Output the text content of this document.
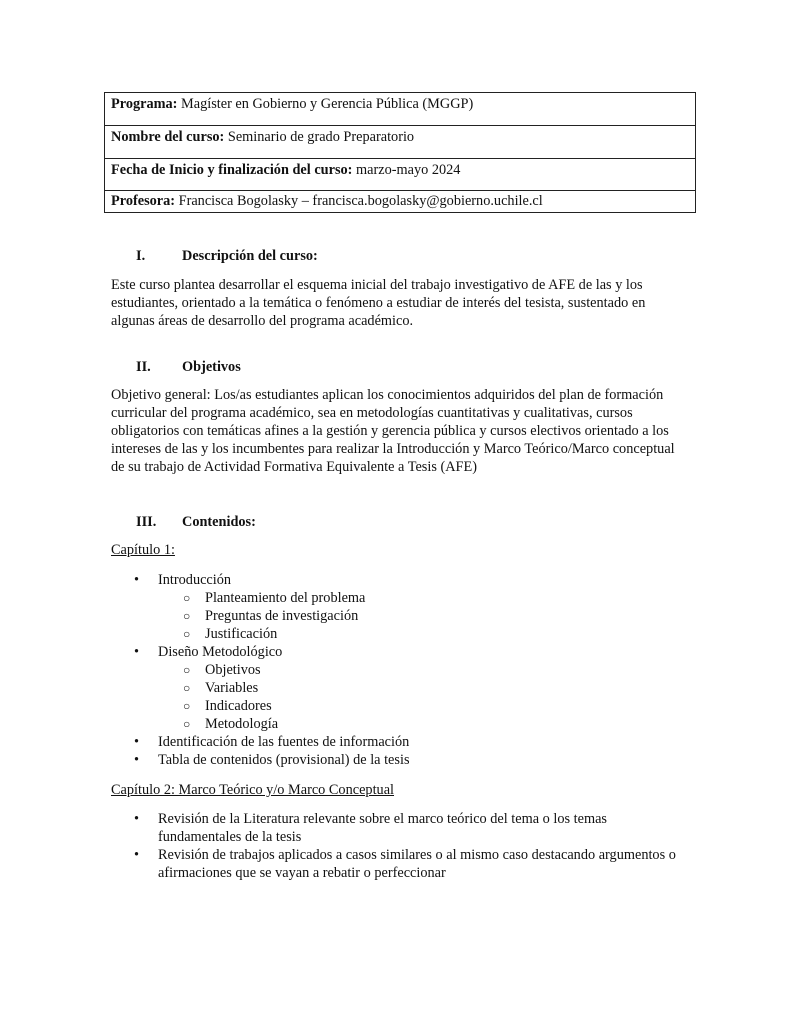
Programa: Magíster en Gobierno y Gerencia Pública (MGGP)
Nombre del curso: Seminario de grado Preparatorio
Fecha de Inicio y finalización del curso: marzo-mayo 2024
Profesora: Francisca Bogolasky – francisca.bogolasky@gobierno.uchile.cl
I.	Descripción del curso:
Este curso plantea desarrollar el esquema inicial del trabajo investigativo de AFE de las y los
estudiantes, orientado a la temática o fenómeno a estudiar de interés del tesista, sustentado en
algunas áreas de desarrollo del programa académico.
II. Objetivos
Objetivo general: Los/as estudiantes aplican los conocimientos adquiridos del plan de formación
curricular del programa académico, sea en metodologías cuantitativas y cualitativas, cursos
obligatorios con temáticas afines a la gestión y gerencia pública y cursos electivos orientado a los
intereses de las y los incumbentes para realizar la Introducción y Marco Teórico/Marco conceptual
de su trabajo de Actividad Formativa Equivalente a Tesis (AFE)
III. Contenidos:
Capítulo 1:
• Introducción
○ Planteamiento del problema
○ Preguntas de investigación
○ Justificación
• Diseño Metodológico
○ Objetivos
○ Variables
○ Indicadores
○ Metodología
• Identificación de las fuentes de información
• Tabla de contenidos (provisional) de la tesis
Capítulo 2: Marco Teórico y/o Marco Conceptual
• Revisión de la Literatura relevante sobre el marco teórico del tema o los temas
fundamentales de la tesis
• Revisión de trabajos aplicados a casos similares o al mismo caso destacando argumentos o
afirmaciones que se vayan a rebatir o perfeccionar
